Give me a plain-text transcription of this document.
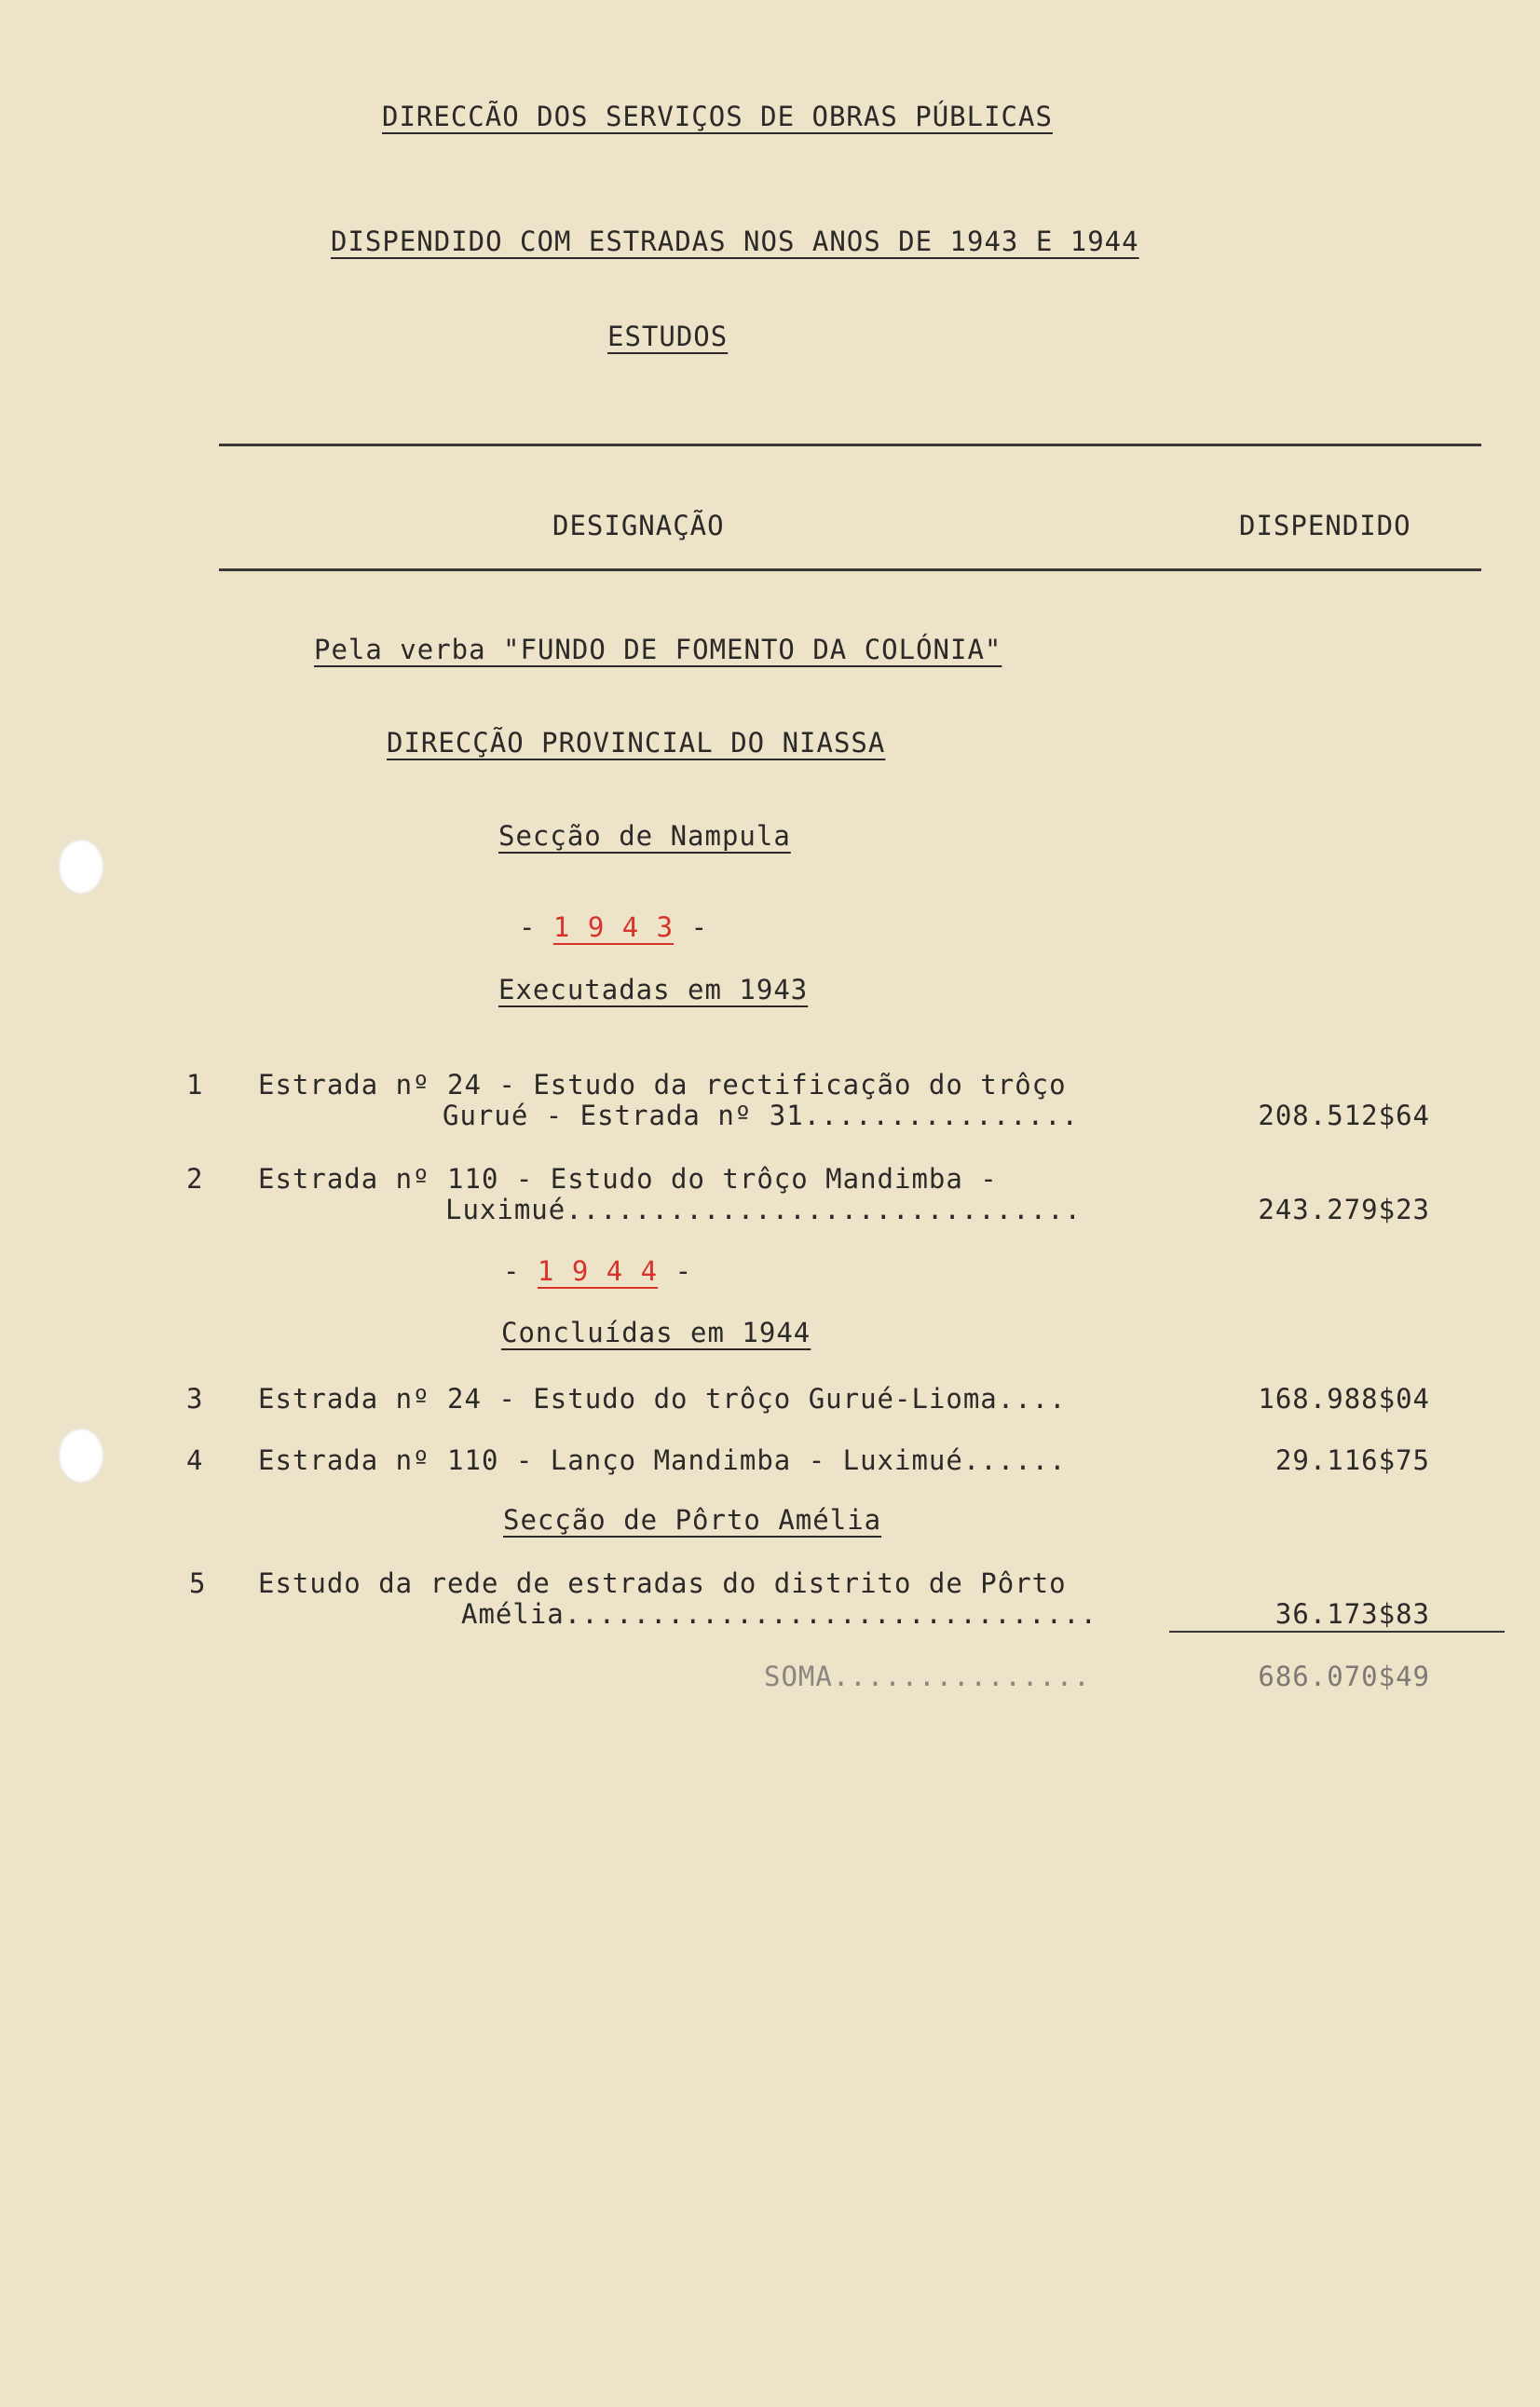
DIRECCÃO DOS SERVIÇOS DE OBRAS PÚBLICAS
DISPENDIDO COM ESTRADAS NOS ANOS DE 1943 E 1944
ESTUDOS
DESIGNAÇÃO	DISPENDIDO
Pela verba "FUNDO DE FOMENTO DA COLÓNIA"
DIRECÇÃO PROVINCIAL DO NIASSA
Secção de Nampula
- 1 9 4 3 -
Executadas em 1943
1 Estrada nº 24 - Estudo da rectificação do trôço
Gurué - Estrada nº 31................	208.512$64
2 Estrada nº 110 - Estudo do trôço Mandimba -
Luximué..............................	243.279$23
- 1 9 4 4 -
Concluídas em 1944
3 Estrada nº 24 - Estudo do trôço Gurué-Lioma....	168.988$04
4 Estrada nº 110 - Lanço Mandimba - Luximué......	29.116$75
Secção de Pôrto Amélia
5 Estudo da rede de estradas do distrito de Pôrto
Amélia...............................	36.173$83
SOMA...............	686.070$49
